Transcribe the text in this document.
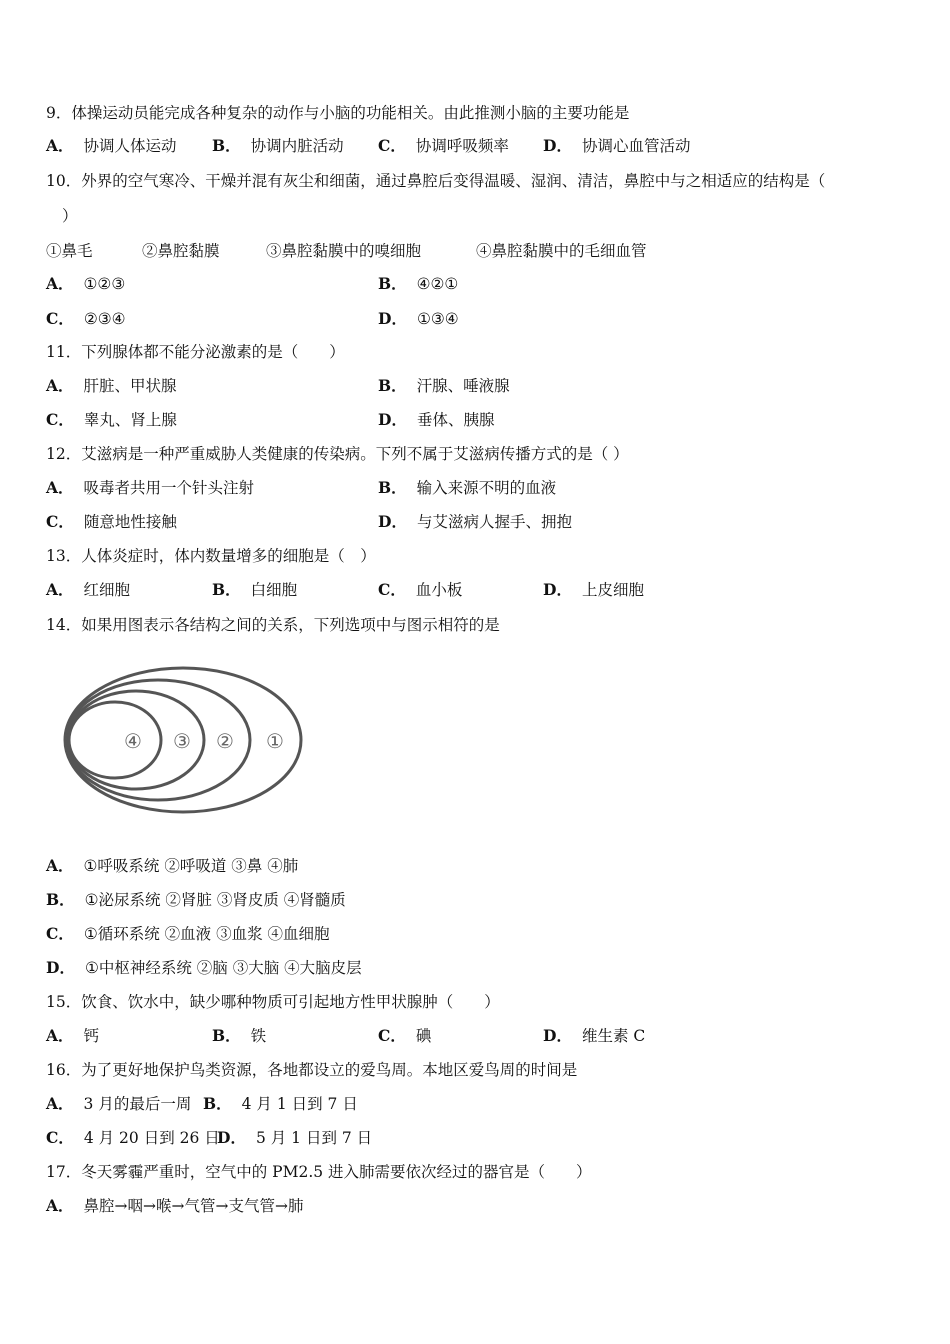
9．体操运动员能完成各种复杂的动作与小脑的功能相关。由此推测小脑的主要功能是
A． 协调人体运动 B． 协调内脏活动 C． 协调呼吸频率 D． 协调心血管活动
10．外界的空气寒冷、干燥并混有灰尘和细菌，通过鼻腔后变得温暖、湿润、清洁，鼻腔中与之相适应的结构是（
）
①鼻毛	②鼻腔黏膜	③鼻腔黏膜中的嗅细胞	④鼻腔黏膜中的毛细血管
A． ①②③	B． ④②①
C． ②③④	D． ①③④
11．下列腺体都不能分泌激素的是（　　）
A． 肝脏、甲状腺	B． 汗腺、唾液腺
C． 睾丸、肾上腺	D． 垂体、胰腺
12．艾滋病是一种严重威胁人类健康的传染病。下列不属于艾滋病传播方式的是（ ）
A． 吸毒者共用一个针头注射	B． 输入来源不明的血液
C． 随意地性接触	D． 与艾滋病人握手、拥抱
13．人体炎症时，体内数量增多的细胞是（　）
A． 红细胞	B． 白细胞	C． 血小板	D． 上皮细胞
14．如果用图表示各结构之间的关系，下列选项中与图示相符的是
④ ③ ② ①
A． ①呼吸系统 ②呼吸道 ③鼻 ④肺
B． ①泌尿系统 ②肾脏 ③肾皮质 ④肾髓质
C． ①循环系统 ②血液 ③血浆 ④血细胞
D． ①中枢神经系统 ②脑 ③大脑 ④大脑皮层
15．饮食、饮水中，缺少哪种物质可引起地方性甲状腺肿（　　）
A． 钙	B． 铁	C． 碘	D． 维生素 C
16．为了更好地保护鸟类资源，各地都设立的爱鸟周。本地区爱鸟周的时间是
A． 3 月的最后一周 B． 4 月 1 日到 7 日
C． 4 月 20 日到 26 日
D． 5 月 1 日到 7 日
17．冬天雾霾严重时，空气中的 PM2.5 进入肺需要依次经过的器官是（　　）
A． 鼻腔→咽→喉→气管→支气管→肺
